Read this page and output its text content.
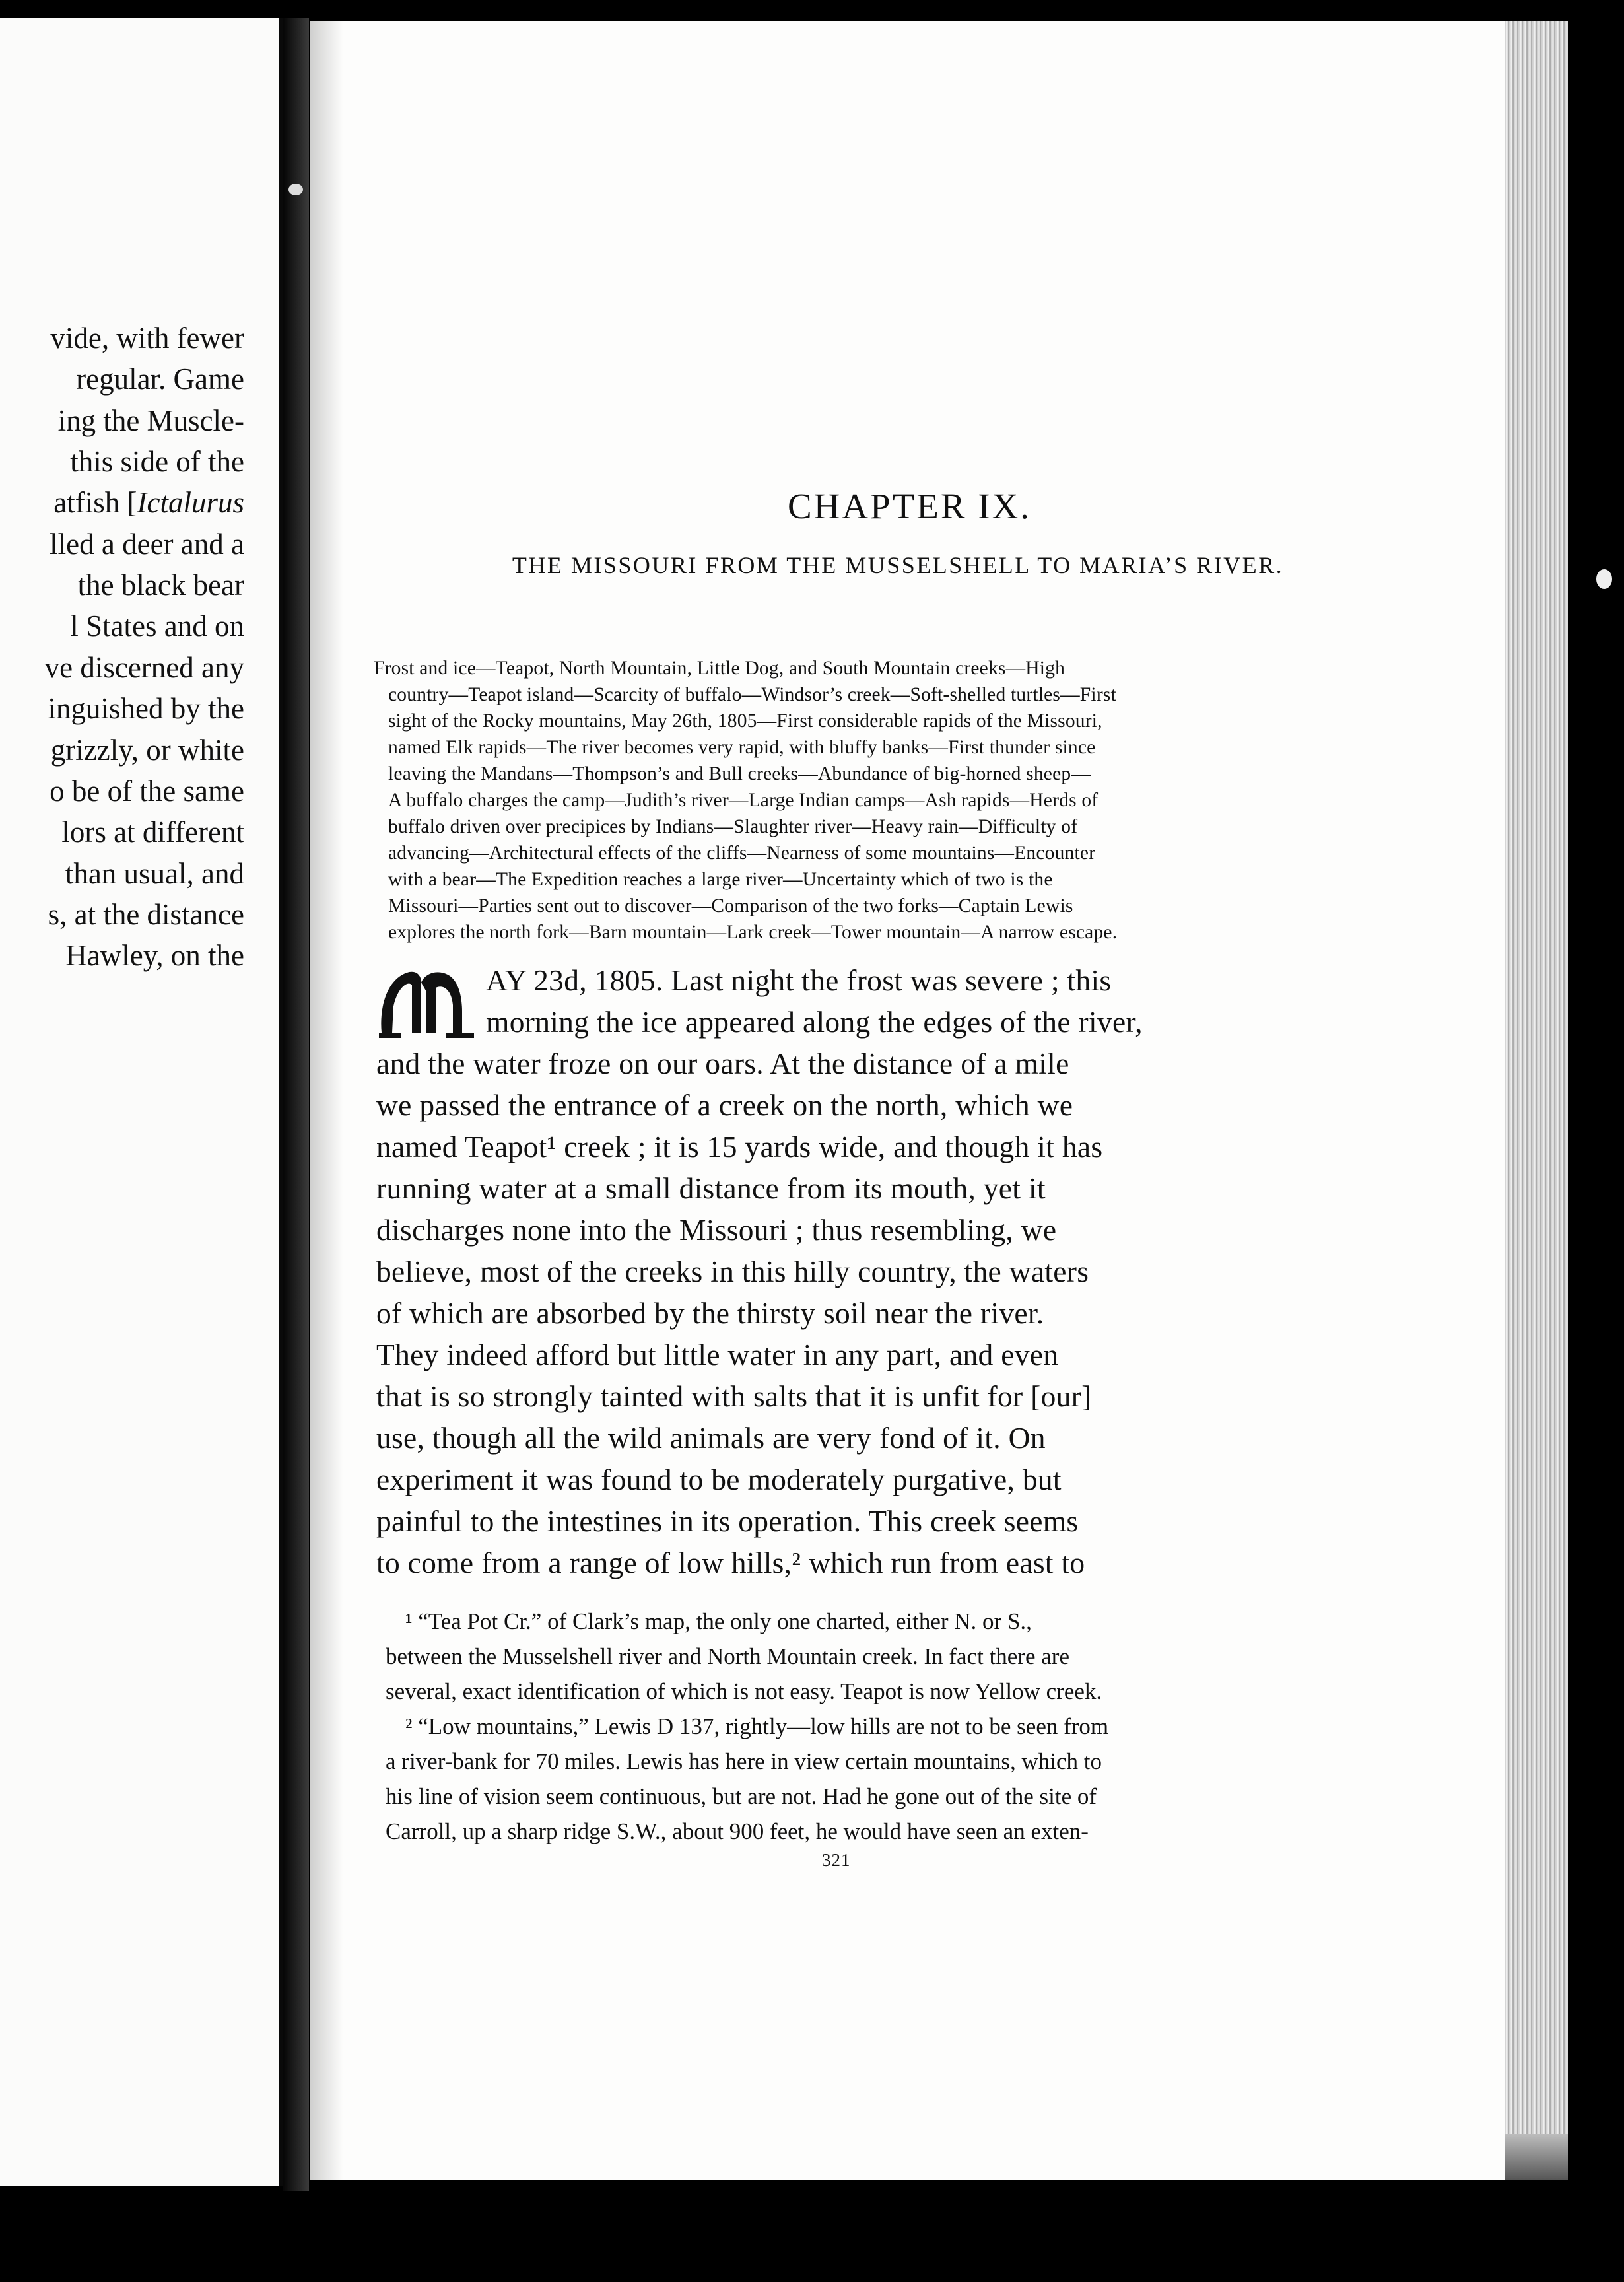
vide, with fewer
regular. Game
ing the Muscle-
this side of the
atfish [Ictalurus
lled a deer and a
the black bear
l States and on
ve discerned any
inguished by the
grizzly, or white
o be of the same
lors at different
than usual, and
s, at the distance
Hawley, on the
CHAPTER IX.
THE MISSOURI FROM THE MUSSELSHELL TO MARIA’S RIVER.
Frost and ice—Teapot, North Mountain, Little Dog, and South Mountain creeks—High
country—Teapot island—Scarcity of buffalo—Windsor’s creek—Soft-shelled turtles—First
sight of the Rocky mountains, May 26th, 1805—First considerable rapids of the Missouri,
named Elk rapids—The river becomes very rapid, with bluffy banks—First thunder since
leaving the Mandans—Thompson’s and Bull creeks—Abundance of big-horned sheep—
A buffalo charges the camp—Judith’s river—Large Indian camps—Ash rapids—Herds of
buffalo driven over precipices by Indians—Slaughter river—Heavy rain—Difficulty of
advancing—Architectural effects of the cliffs—Nearness of some mountains—Encounter
with a bear—The Expedition reaches a large river—Uncertainty which of two is the
Missouri—Parties sent out to discover—Comparison of the two forks—Captain Lewis
explores the north fork—Barn mountain—Lark creek—Tower mountain—A narrow escape.
AY 23d, 1805. Last night the frost was severe ; this
morning the ice appeared along the edges of the river,
and the water froze on our oars. At the distance of a mile
we passed the entrance of a creek on the north, which we
named Teapot¹ creek ; it is 15 yards wide, and though it has
running water at a small distance from its mouth, yet it
discharges none into the Missouri ; thus resembling, we
believe, most of the creeks in this hilly country, the waters
of which are absorbed by the thirsty soil near the river.
They indeed afford but little water in any part, and even
that is so strongly tainted with salts that it is unfit for [our]
use, though all the wild animals are very fond of it. On
experiment it was found to be moderately purgative, but
painful to the intestines in its operation. This creek seems
to come from a range of low hills,² which run from east to
¹ “Tea Pot Cr.” of Clark’s map, the only one charted, either N. or S.,
between the Musselshell river and North Mountain creek. In fact there are
several, exact identification of which is not easy. Teapot is now Yellow creek.
² “Low mountains,” Lewis D 137, rightly—low hills are not to be seen from
a river-bank for 70 miles. Lewis has here in view certain mountains, which to
his line of vision seem continuous, but are not. Had he gone out of the site of
Carroll, up a sharp ridge S.W., about 900 feet, he would have seen an exten-
321
